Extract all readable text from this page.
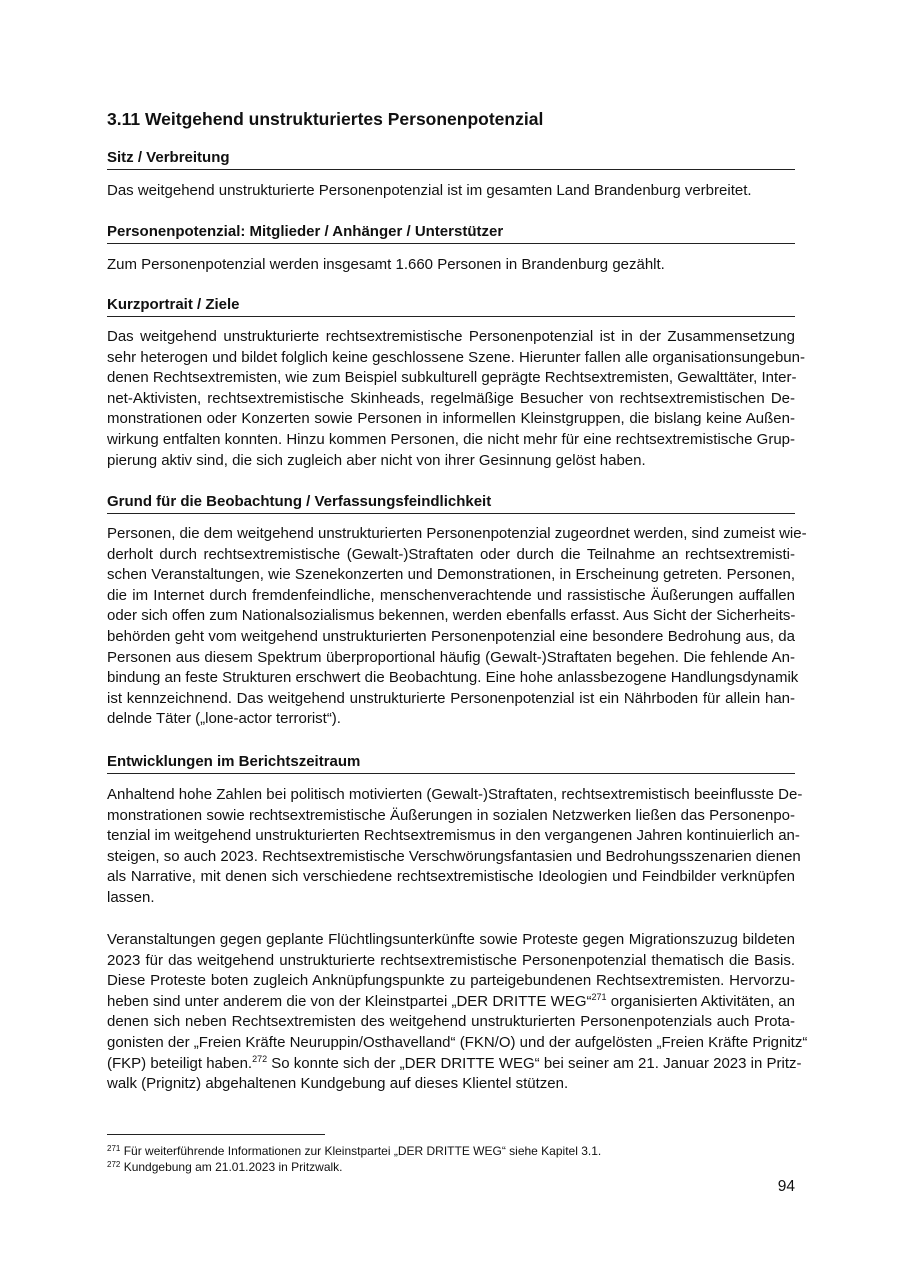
3.11 Weitgehend unstrukturiertes Personenpotenzial
Sitz / Verbreitung
Das weitgehend unstrukturierte Personenpotenzial ist im gesamten Land Brandenburg verbreitet.
Personenpotenzial: Mitglieder / Anhänger / Unterstützer
Zum Personenpotenzial werden insgesamt 1.660 Personen in Brandenburg gezählt.
Kurzportrait / Ziele
Das weitgehend unstrukturierte rechtsextremistische Personenpotenzial ist in der Zusammensetzung
sehr heterogen und bildet folglich keine geschlossene Szene. Hierunter fallen alle organisationsungebun-
denen Rechtsextremisten, wie zum Beispiel subkulturell geprägte Rechtsextremisten, Gewalttäter, Inter-
net-Aktivisten, rechtsextremistische Skinheads, regelmäßige Besucher von rechtsextremistischen De-
monstrationen oder Konzerten sowie Personen in informellen Kleinstgruppen, die bislang keine Außen-
wirkung entfalten konnten. Hinzu kommen Personen, die nicht mehr für eine rechtsextremistische Grup-
pierung aktiv sind, die sich zugleich aber nicht von ihrer Gesinnung gelöst haben.
Grund für die Beobachtung / Verfassungsfeindlichkeit
Personen, die dem weitgehend unstrukturierten Personenpotenzial zugeordnet werden, sind zumeist wie-
derholt durch rechtsextremistische (Gewalt-)Straftaten oder durch die Teilnahme an rechtsextremisti-
schen Veranstaltungen, wie Szenekonzerten und Demonstrationen, in Erscheinung getreten. Personen,
die im Internet durch fremdenfeindliche, menschenverachtende und rassistische Äußerungen auffallen
oder sich offen zum Nationalsozialismus bekennen, werden ebenfalls erfasst. Aus Sicht der Sicherheits-
behörden geht vom weitgehend unstrukturierten Personenpotenzial eine besondere Bedrohung aus, da
Personen aus diesem Spektrum überproportional häufig (Gewalt-)Straftaten begehen. Die fehlende An-
bindung an feste Strukturen erschwert die Beobachtung. Eine hohe anlassbezogene Handlungsdynamik
ist kennzeichnend. Das weitgehend unstrukturierte Personenpotenzial ist ein Nährboden für allein han-
delnde Täter („lone-actor terrorist“).
Entwicklungen im Berichtszeitraum
Anhaltend hohe Zahlen bei politisch motivierten (Gewalt-)Straftaten, rechtsextremistisch beeinflusste De-
monstrationen sowie rechtsextremistische Äußerungen in sozialen Netzwerken ließen das Personenpo-
tenzial im weitgehend unstrukturierten Rechtsextremismus in den vergangenen Jahren kontinuierlich an-
steigen, so auch 2023. Rechtsextremistische Verschwörungsfantasien und Bedrohungsszenarien dienen
als Narrative, mit denen sich verschiedene rechtsextremistische Ideologien und Feindbilder verknüpfen
lassen.
Veranstaltungen gegen geplante Flüchtlingsunterkünfte sowie Proteste gegen Migrationszuzug bildeten
2023 für das weitgehend unstrukturierte rechtsextremistische Personenpotenzial thematisch die Basis.
Diese Proteste boten zugleich Anknüpfungspunkte zu parteigebundenen Rechtsextremisten. Hervorzu-
heben sind unter anderem die von der Kleinstpartei „DER DRITTE WEG“$^{271}$ organisierten Aktivitäten, an
denen sich neben Rechtsextremisten des weitgehend unstrukturierten Personenpotenzials auch Prota-
gonisten der „Freien Kräfte Neuruppin/Osthavelland“ (FKN/O) und der aufgelösten „Freien Kräfte Prignitz“
(FKP) beteiligt haben.$^{272}$ So konnte sich der „DER DRITTE WEG“ bei seiner am 21. Januar 2023 in Pritz-
walk (Prignitz) abgehaltenen Kundgebung auf dieses Klientel stützen.
$^{271}$ Für weiterführende Informationen zur Kleinstpartei „DER DRITTE WEG“ siehe Kapitel 3.1.
$^{272}$ Kundgebung am 21.01.2023 in Pritzwalk.
94
